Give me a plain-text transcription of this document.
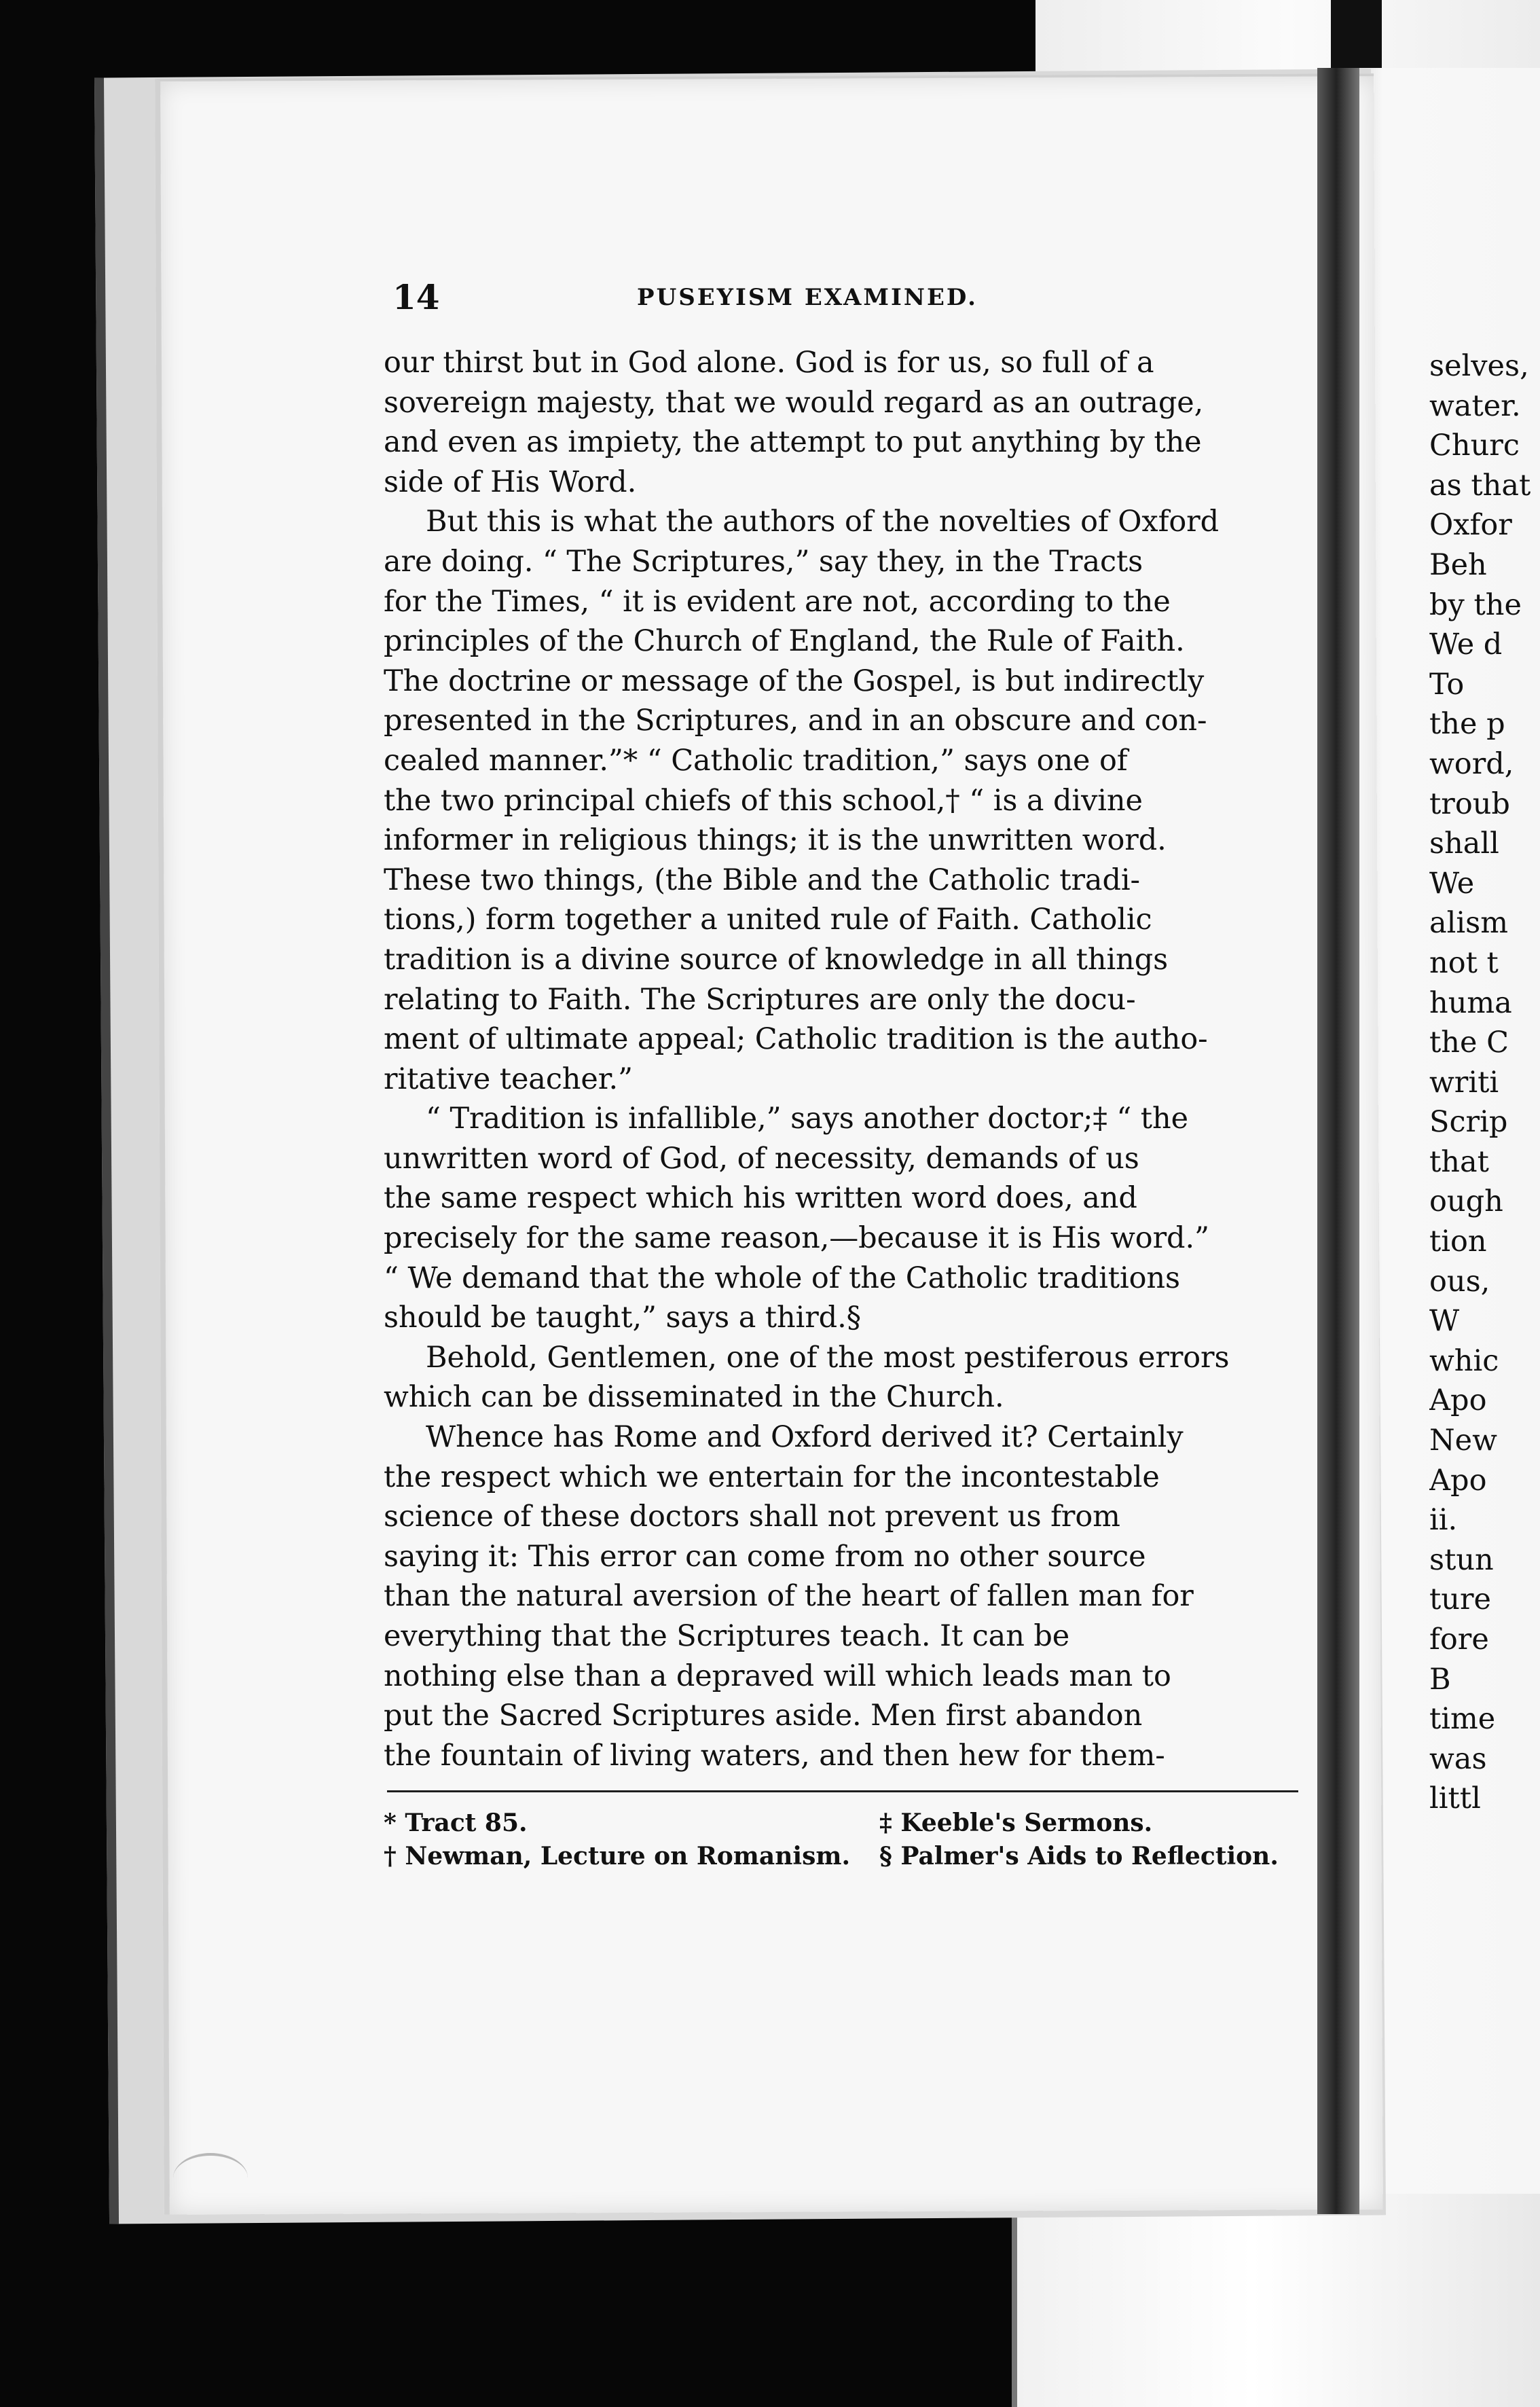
14	PUSEYISM EXAMINED.
our thirst but in God alone. God is for us, so full of a
sovereign majesty, that we would regard as an outrage,
and even as impiety, the attempt to put anything by the
side of His Word.
But this is what the authors of the novelties of Oxford
are doing. “ The Scriptures,” say they, in the Tracts
for the Times, “ it is evident are not, according to the
principles of the Church of England, the Rule of Faith.
The doctrine or message of the Gospel, is but indirectly
presented in the Scriptures, and in an obscure and con-
cealed manner.”* “ Catholic tradition,” says one of
the two principal chiefs of this school,† “ is a divine
informer in religious things; it is the unwritten word.
These two things, (the Bible and the Catholic tradi-
tions,) form together a united rule of Faith. Catholic
tradition is a divine source of knowledge in all things
relating to Faith. The Scriptures are only the docu-
ment of ultimate appeal; Catholic tradition is the autho-
ritative teacher.”
“ Tradition is infallible,” says another doctor;‡ “ the
unwritten word of God, of necessity, demands of us
the same respect which his written word does, and
precisely for the same reason,—because it is His word.”
“ We demand that the whole of the Catholic traditions
should be taught,” says a third.§
Behold, Gentlemen, one of the most pestiferous errors
which can be disseminated in the Church.
Whence has Rome and Oxford derived it? Certainly
the respect which we entertain for the incontestable
science of these doctors shall not prevent us from
saying it: This error can come from no other source
than the natural aversion of the heart of fallen man for
everything that the Scriptures teach. It can be
nothing else than a depraved will which leads man to
put the Sacred Scriptures aside. Men first abandon
the fountain of living waters, and then hew for them-
* Tract 85.
† Newman, Lecture on Romanism.
‡ Keeble's Sermons.
§ Palmer's Aids to Reflection.
selves,
water.
Churc
as that
Oxfor
Beh
by the
We d
To
the p
word,
troub
shall
We
alism
not t
huma
the C
writi
Scrip
that
ough
tion
ous,
W
whic
Apo
New
Apo
ii.
stun
ture
fore
B
time
was
littl
